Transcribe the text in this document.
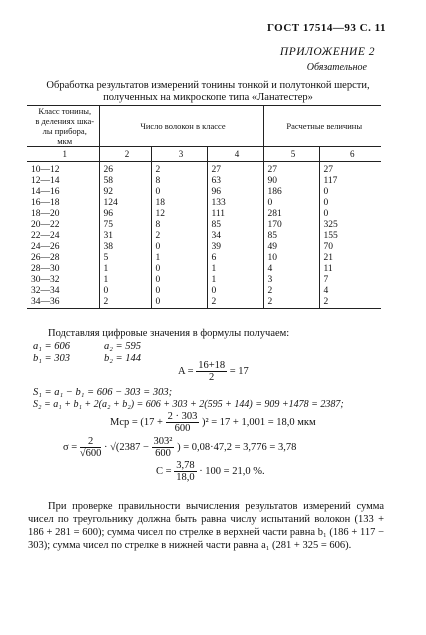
ГОСТ 17514—93 С. 11
ПРИЛОЖЕНИЕ 2
Обязательное
Обработка результатов измерений тонины тонкой и полутонкой шерсти,
полученных на микроскопе типа «Ланатестер»
Класс тонины,
в делениях шка-
лы прибора,
мкм	Число волокон в классе			Расчетные величины	
1	2	3	4	5	6
10—12	26	2	27	27	27
12—14	58	8	63	90	117
14—16	92	0	96	186	0
16—18	124	18	133	0	0
18—20	96	12	111	281	0
20—22	75	8	85	170	325
22—24	31	2	34	85	155
24—26	38	0	39	49	70
26—28	5	1	6	10	21
28—30	1	0	1	4	11
30—32	1	0	1	3	7
32—34	0	0	0	2	4
34—36	2	0	2	2	2
Подставляя цифровые значения в формулы получаем:
a₁ = 606	a₂ = 595
b₁ = 303	b₂ = 144
$A = \frac{16+18}{2} = 17$
S₁ = a₁ − b₁ = 606 − 303 = 303;
S₂ = a₁ + b₁ + 2(a₂ + b₂) = 606 + 303 + 2(595 + 144) = 909 +1478 = 2387;
Mср = $(17 + \frac{2 \cdot 303}{600} )^2 = 17 + 1,001 = 18,0$ мкм
$\sigma = \frac{2}{√600} \cdot √(2387 - \frac{\text{303²}}{600}$ ) = 0,08·47,2 = 3,776 = 3,78
$C = \frac{3,78}{18,0} \cdot 100 = 21,0$ %.
При проверке правильности вычисления результатов измерений сумма чисел по треугольнику должна быть равна числу испытаний волокон (133 + 186 + 281 = 600); сумма чисел по стрелке в верхней части равна b₁ (186 + 117 − 303); сумма чисел по стрелке в нижней части равна a₁ (281 + 325 = 606).
